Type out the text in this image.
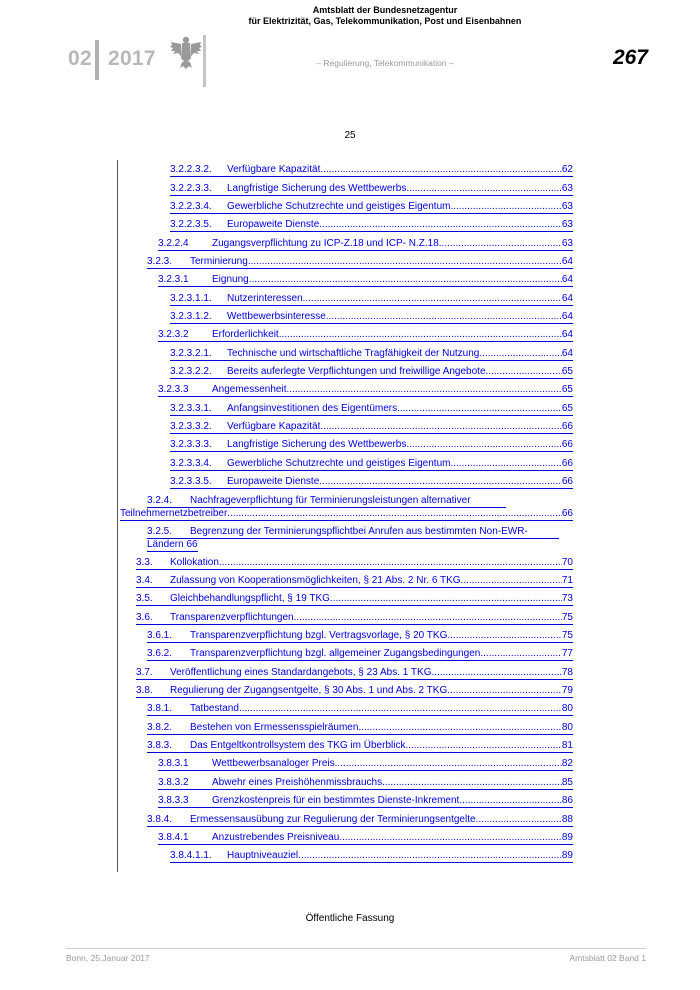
02 2017
Amtsblatt der Bundesnetzagentur
für Elektrizität, Gas, Telekommunikation, Post und Eisenbahnen
– Regulierung, Telekommunikation –	267
25
3.2.2.3.2.	Verfügbare Kapazität .....	62
3.2.2.3.3.	Langfristige Sicherung des Wettbewerbs .....	63
3.2.2.3.4.	Gewerbliche Schutzrechte und geistiges Eigentum .....	63
3.2.2.3.5.	Europaweite Dienste .....	63
3.2.2.4	Zugangsverpflichtung zu ICP-Z.18 und ICP- N.Z.18 .....	63
3.2.3.	Terminierung .....	64
3.2.3.1	Eignung .....	64
3.2.3.1.1.	Nutzerinteressen .....	64
3.2.3.1.2.	Wettbewerbsinteresse .....	64
3.2.3.2	Erforderlichkeit .....	64
3.2.3.2.1.	Technische und wirtschaftliche Tragfähigkeit der Nutzung .....	64
3.2.3.2.2.	Bereits auferlegte Verpflichtungen und freiwillige Angebote .....	65
3.2.3.3	Angemessenheit .....	65
3.2.3.3.1.	Anfangsinvestitionen des Eigentümers .....	65
3.2.3.3.2.	Verfügbare Kapazität .....	66
3.2.3.3.3.	Langfristige Sicherung des Wettbewerbs .....	66
3.2.3.3.4.	Gewerbliche Schutzrechte und geistiges Eigentum .....	66
3.2.3.3.5.	Europaweite Dienste .....	66
3.2.4. Nachfrageverpflichtung für Terminierungsleistungen alternativer
Teilnehmernetzbetreiber .....	66
3.2.5. Begrenzung der Terminierungspflichtbei Anrufen aus bestimmten Non-EWR-
Ländern 66
3.3.	Kollokation .....	70
3.4.	Zulassung von Kooperationsmöglichkeiten, § 21 Abs. 2 Nr. 6 TKG .....	71
3.5.	Gleichbehandlungspflicht, § 19 TKG .....	73
3.6.	Transparenzverpflichtungen .....	75
3.6.1.	Transparenzverpflichtung bzgl. Vertragsvorlage, § 20 TKG .....	75
3.6.2.	Transparenzverpflichtung bzgl. allgemeiner Zugangsbedingungen .....	77
3.7.	Veröffentlichung eines Standardangebots, § 23 Abs. 1 TKG .....	78
3.8.	Regulierung der Zugangsentgelte, § 30 Abs. 1 und Abs. 2 TKG .....	79
3.8.1.	Tatbestand .....	80
3.8.2.	Bestehen von Ermessensspielräumen .....	80
3.8.3.	Das Entgeltkontrollsystem des TKG im Überblick .....	81
3.8.3.1	Wettbewerbsanaloger Preis .....	82
3.8.3.2	Abwehr eines Preishöhenmissbrauchs .....	85
3.8.3.3	Grenzkostenpreis für ein bestimmtes Dienste-Inkrement .....	86
3.8.4.	Ermessensausübung zur Regulierung der Terminierungsentgelte .....	88
3.8.4.1	Anzustrebendes Preisniveau .....	89
3.8.4.1.1.	Hauptniveauziel .....	89
Öffentliche Fassung
Bonn, 25.Januar 2017	Amtsblatt 02 Band 1
